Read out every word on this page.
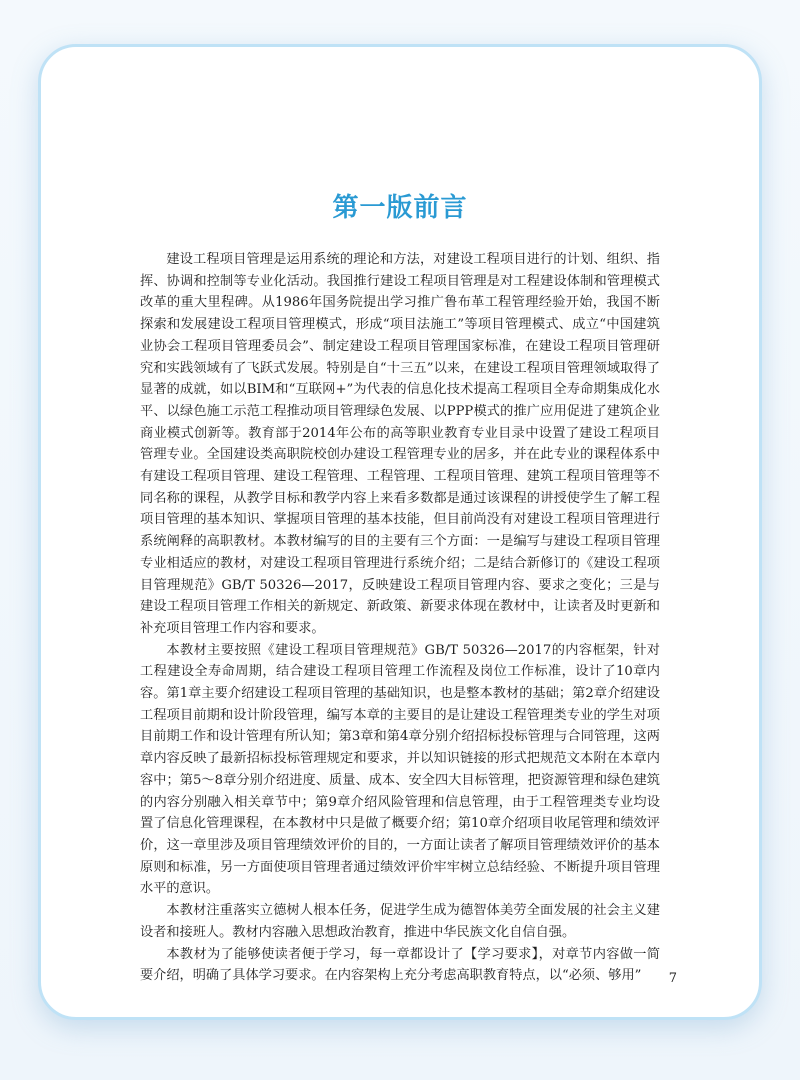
第一版前言

建设工程项目管理是运用系统的理论和方法，对建设工程项目进行的计划、组织、指挥、协调和控制等专业化活动。我国推行建设工程项目管理是对工程建设体制和管理模式改革的重大里程碑。从1986年国务院提出学习推广鲁布革工程管理经验开始，我国不断探索和发展建设工程项目管理模式，形成“项目法施工”等项目管理模式、成立“中国建筑业协会工程项目管理委员会”、制定建设工程项目管理国家标准，在建设工程项目管理研究和实践领域有了飞跃式发展。特别是自“十三五”以来，在建设工程项目管理领域取得了显著的成就，如以BIM和“互联网+”为代表的信息化技术提高工程项目全寿命期集成化水平、以绿色施工示范工程推动项目管理绿色发展、以PPP模式的推广应用促进了建筑企业商业模式创新等。教育部于2014年公布的高等职业教育专业目录中设置了建设工程项目管理专业。全国建设类高职院校创办建设工程管理专业的居多，并在此专业的课程体系中有建设工程项目管理、建设工程管理、工程管理、工程项目管理、建筑工程项目管理等不同名称的课程，从教学目标和教学内容上来看多数都是通过该课程的讲授使学生了解工程项目管理的基本知识、掌握项目管理的基本技能，但目前尚没有对建设工程项目管理进行系统阐释的高职教材。本教材编写的目的主要有三个方面：一是编写与建设工程项目管理专业相适应的教材，对建设工程项目管理进行系统介绍；二是结合新修订的《建设工程项目管理规范》GB/T 50326—2017，反映建设工程项目管理内容、要求之变化；三是与建设工程项目管理工作相关的新规定、新政策、新要求体现在教材中，让读者及时更新和补充项目管理工作内容和要求。

本教材主要按照《建设工程项目管理规范》GB/T 50326—2017的内容框架，针对工程建设全寿命周期，结合建设工程项目管理工作流程及岗位工作标准，设计了10章内容。第1章主要介绍建设工程项目管理的基础知识，也是整本教材的基础；第2章介绍建设工程项目前期和设计阶段管理，编写本章的主要目的是让建设工程管理类专业的学生对项目前期工作和设计管理有所认知；第3章和第4章分别介绍招标投标管理与合同管理，这两章内容反映了最新招标投标管理规定和要求，并以知识链接的形式把规范文本附在本章内容中；第5～8章分别介绍进度、质量、成本、安全四大目标管理，把资源管理和绿色建筑的内容分别融入相关章节中；第9章介绍风险管理和信息管理，由于工程管理类专业均设置了信息化管理课程，在本教材中只是做了概要介绍；第10章介绍项目收尾管理和绩效评价，这一章里涉及项目管理绩效评价的目的，一方面让读者了解项目管理绩效评价的基本原则和标准，另一方面使项目管理者通过绩效评价牢牢树立总结经验、不断提升项目管理水平的意识。

本教材注重落实立德树人根本任务，促进学生成为德智体美劳全面发展的社会主义建设者和接班人。教材内容融入思想政治教育，推进中华民族文化自信自强。

本教材为了能够使读者便于学习，每一章都设计了【学习要求】，对章节内容做一简要介绍，明确了具体学习要求。在内容架构上充分考虑高职教育特点，以“必须、够用”	7
